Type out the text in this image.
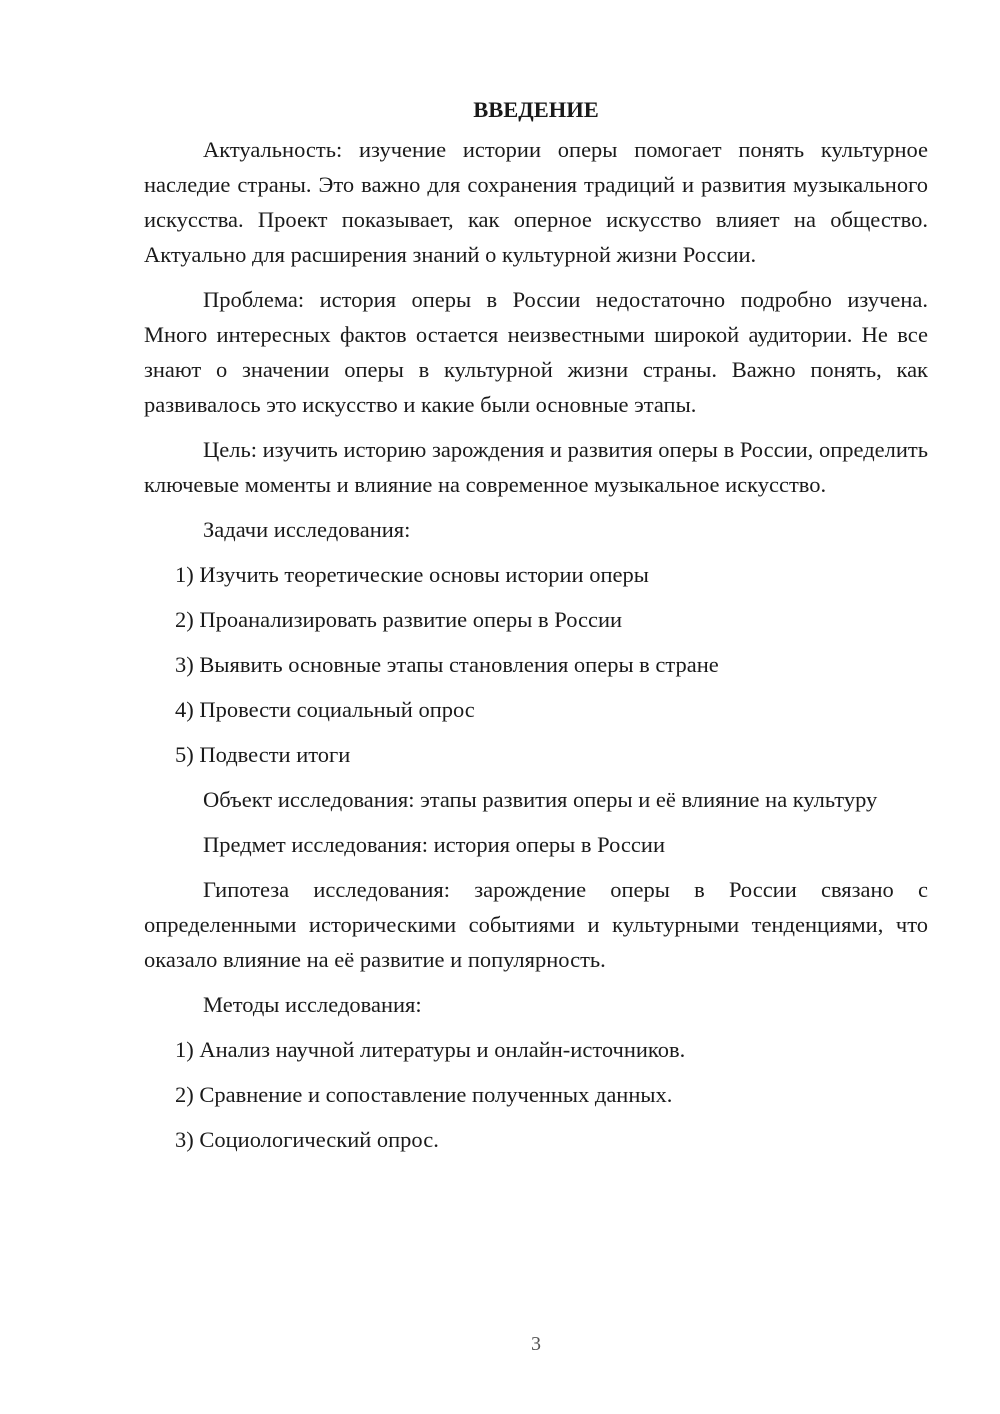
ВВЕДЕНИЕ

Актуальность: изучение истории оперы помогает понять культурное наследие страны. Это важно для сохранения традиций и развития музыкального искусства. Проект показывает, как оперное искусство влияет на общество. Актуально для расширения знаний о культурной жизни России.

Проблема: история оперы в России недостаточно подробно изучена. Много интересных фактов остается неизвестными широкой аудитории. Не все знают о значении оперы в культурной жизни страны. Важно понять, как развивалось это искусство и какие были основные этапы.

Цель: изучить историю зарождения и развития оперы в России, определить ключевые моменты и влияние на современное музыкальное искусство.

Задачи исследования:

1) Изучить теоретические основы истории оперы

2) Проанализировать развитие оперы в России

3) Выявить основные этапы становления оперы в стране

4) Провести социальный опрос

5) Подвести итоги

Объект исследования: этапы развития оперы и её влияние на культуру

Предмет исследования: история оперы в России

Гипотеза исследования: зарождение оперы в России связано с определенными историческими событиями и культурными тенденциями, что оказало влияние на её развитие и популярность.

Методы исследования:

1) Анализ научной литературы и онлайн-источников.

2) Сравнение и сопоставление полученных данных.

3) Социологический опрос.

3
